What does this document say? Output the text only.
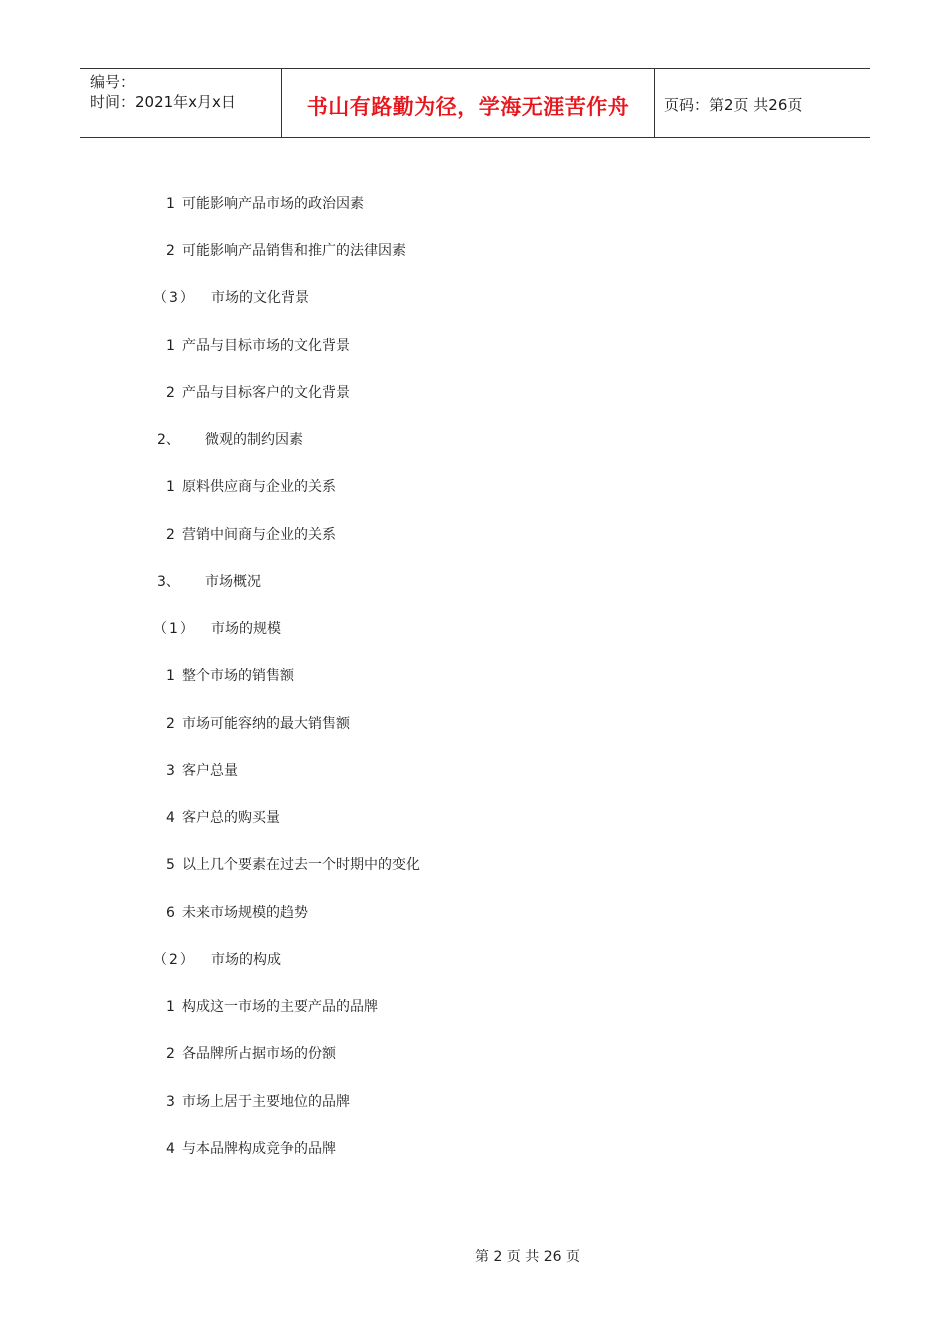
编号：
时间：2021年x月x日	书山有路勤为径，学海无涯苦作舟	页码：第2页 共26页
1 可能影响产品市场的政治因素
2 可能影响产品销售和推广的法律因素
（3） 市场的文化背景
1 产品与目标市场的文化背景
2 产品与目标客户的文化背景
2、 微观的制约因素
1 原料供应商与企业的关系
2 营销中间商与企业的关系
3、 市场概况
（1） 市场的规模
1 整个市场的销售额
2 市场可能容纳的最大销售额
3 客户总量
4 客户总的购买量
5 以上几个要素在过去一个时期中的变化
6 未来市场规模的趋势
（2） 市场的构成
1 构成这一市场的主要产品的品牌
2 各品牌所占据市场的份额
3 市场上居于主要地位的品牌
4 与本品牌构成竞争的品牌
第 2 页 共 26 页
